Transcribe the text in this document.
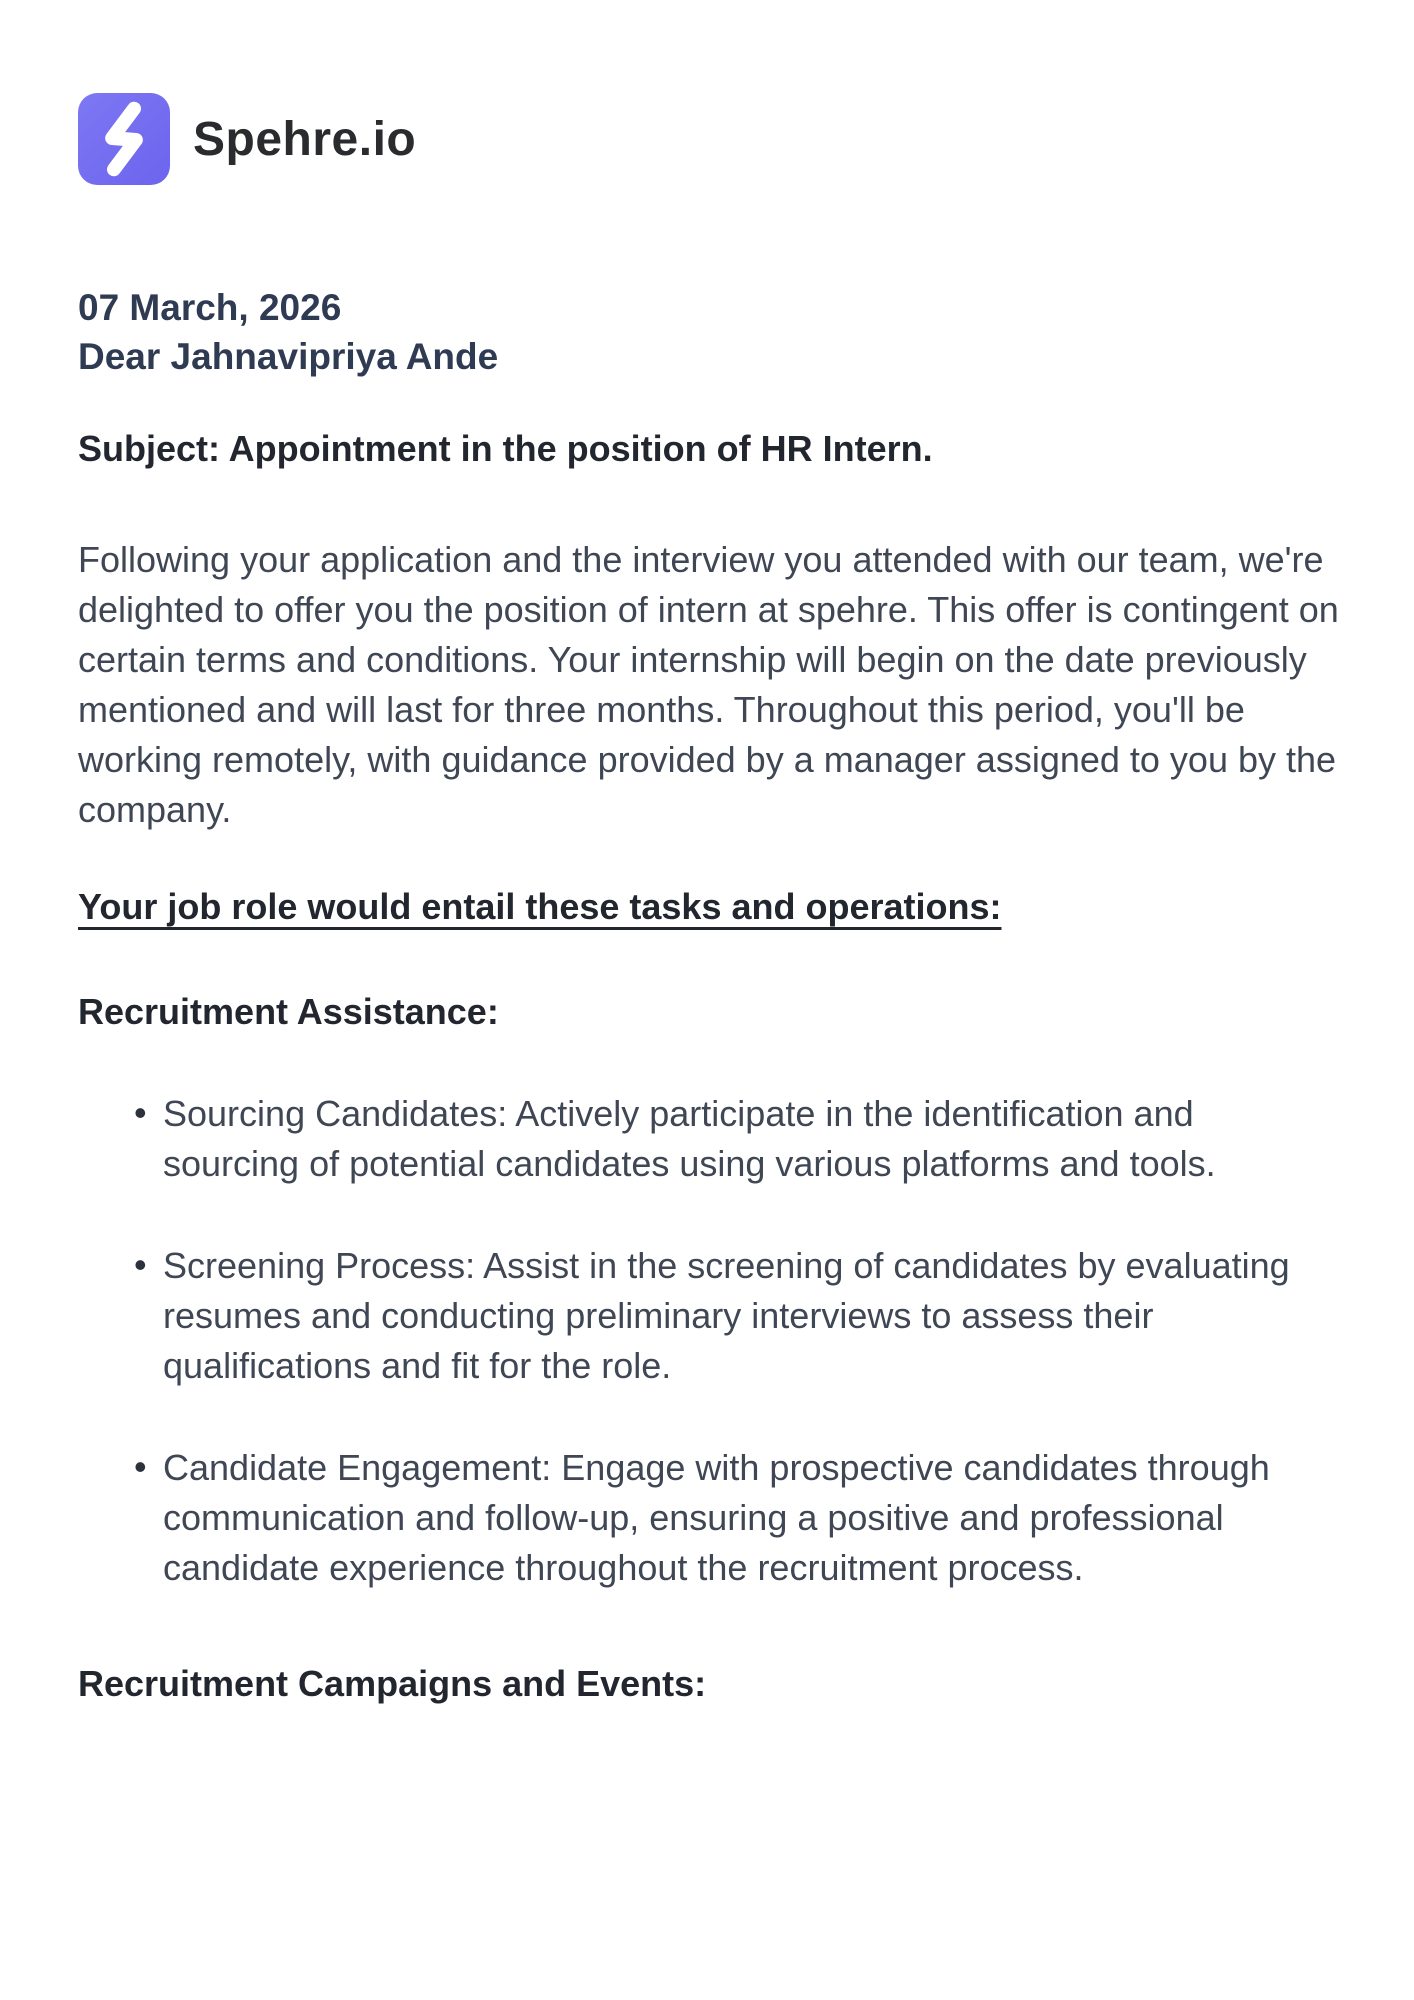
Spehre.io
07 March, 2026
Dear Jahnavipriya Ande
Subject: Appointment in the position of HR Intern.

Following your application and the interview you attended with our team, we're delighted to offer you the position of intern at spehre. This offer is contingent on certain terms and conditions. Your internship will begin on the date previously mentioned and will last for three months. Throughout this period, you'll be working remotely, with guidance provided by a manager assigned to you by the company.

Your job role would entail these tasks and operations:
Recruitment Assistance:
• Sourcing Candidates: Actively participate in the identification and sourcing of potential candidates using various platforms and tools.
• Screening Process: Assist in the screening of candidates by evaluating resumes and conducting preliminary interviews to assess their qualifications and fit for the role.
• Candidate Engagement: Engage with prospective candidates through communication and follow-up, ensuring a positive and professional candidate experience throughout the recruitment process.
Recruitment Campaigns and Events:
